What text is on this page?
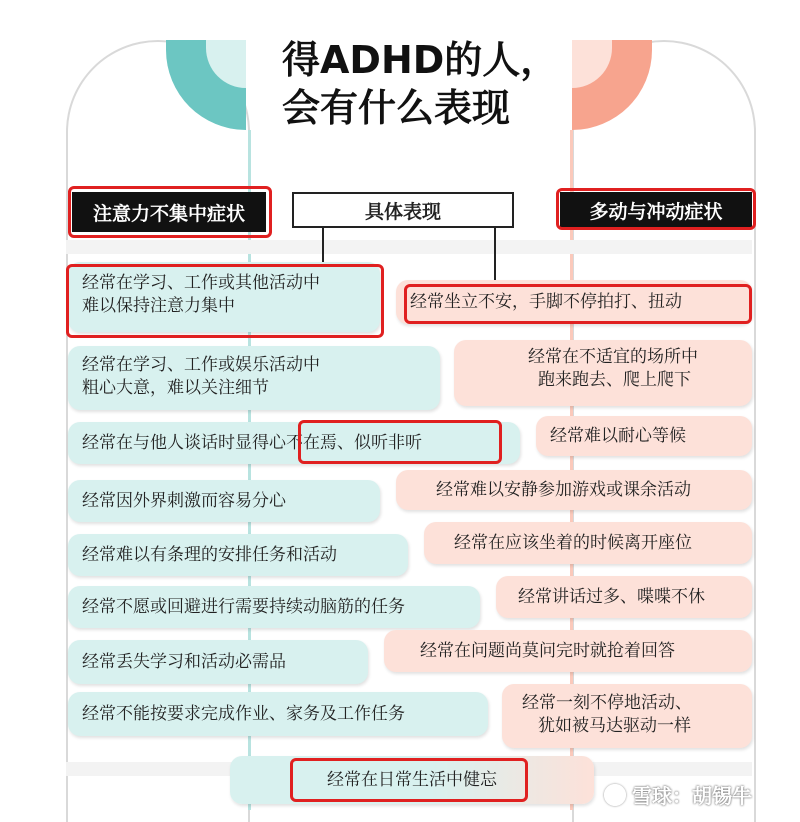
得ADHD的人，
会有什么表现
注意力不集中症状	多动与冲动症状
具体表现
经常在学习、工作或其他活动中
难以保持注意力集中
经常在学习、工作或娱乐活动中
粗心大意，难以关注细节
经常在与他人谈话时显得心不在焉、似听非听
经常因外界刺激而容易分心
经常难以有条理的安排任务和活动
经常不愿或回避进行需要持续动脑筋的任务
经常丢失学习和活动必需品
经常不能按要求完成作业、家务及工作任务
经常坐立不安，手脚不停拍打、扭动
经常在不适宜的场所中
跑来跑去、爬上爬下
经常难以耐心等候
经常难以安静参加游戏或课余活动
经常在应该坐着的时候离开座位
经常讲话过多、喋喋不休
经常在问题尚莫问完时就抢着回答
经常一刻不停地活动、
犹如被马达驱动一样
经常在日常生活中健忘
雪球：胡锡牛
